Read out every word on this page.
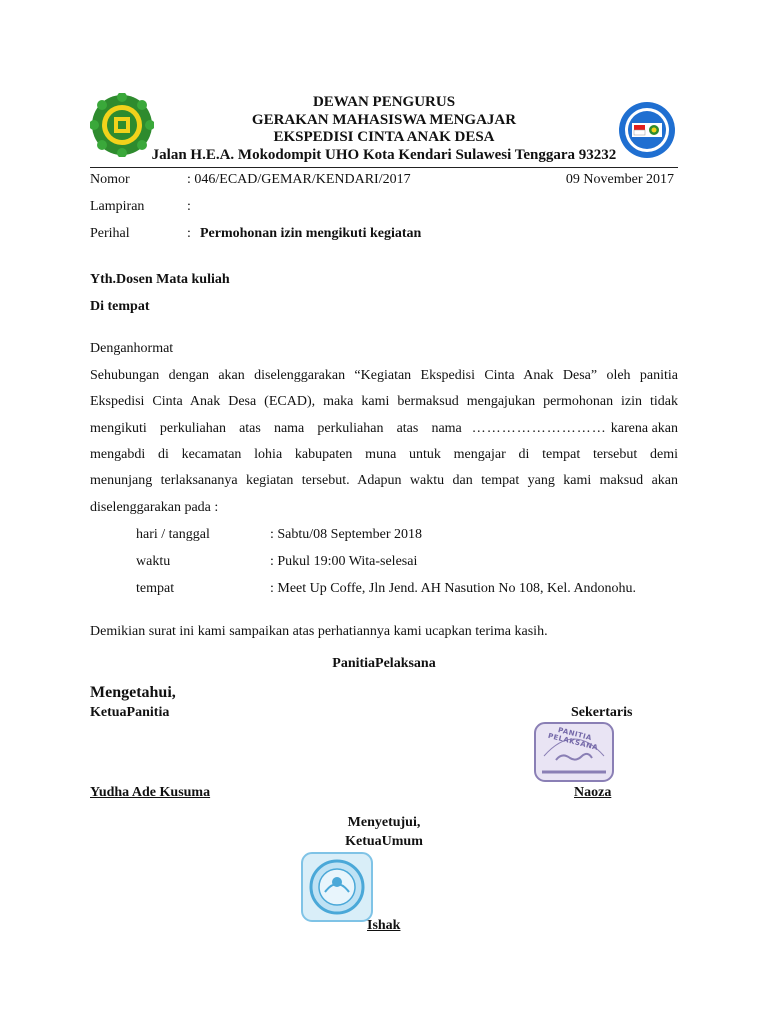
DEWAN PENGURUS
GERAKAN MAHASISWA MENGAJAR
EKSPEDISI CINTA ANAK DESA
Jalan H.E.A. Mokodompit UHO Kota Kendari Sulawesi Tenggara 93232
Nomor	: 046/ECAD/GEMAR/KENDARI/2017	09 November 2017
Lampiran	:
Perihal	: Permohonan izin mengikuti kegiatan
Yth.Dosen Mata kuliah
Di tempat
Denganhormat
Sehubungan dengan akan diselenggarakan “Kegiatan Ekspedisi Cinta Anak Desa” oleh panitia
Ekspedisi Cinta Anak Desa (ECAD), maka kami bermaksud mengajukan permohonan izin tidak
mengikuti perkuliahan atas nama perkuliahan atas nama ……………………… karena akan
mengabdi di kecamatan lohia kabupaten muna untuk mengajar di tempat tersebut demi
menunjang terlaksananya kegiatan tersebut. Adapun waktu dan tempat yang kami maksud akan
diselenggarakan pada :
hari / tanggal	: Sabtu/08 September 2018
waktu	: Pukul 19:00 Wita-selesai
tempat	: Meet Up Coffe, Jln Jend. AH Nasution No 108, Kel. Andonohu.
Demikian surat ini kami sampaikan atas perhatiannya kami ucapkan terima kasih.
PanitiaPelaksana
Mengetahui,
KetuaPanitia	Sekertaris
PANITIA PELAKSANA
Yudha Ade Kusuma	Naoza
Menyetujui,
KetuaUmum
Ishak
